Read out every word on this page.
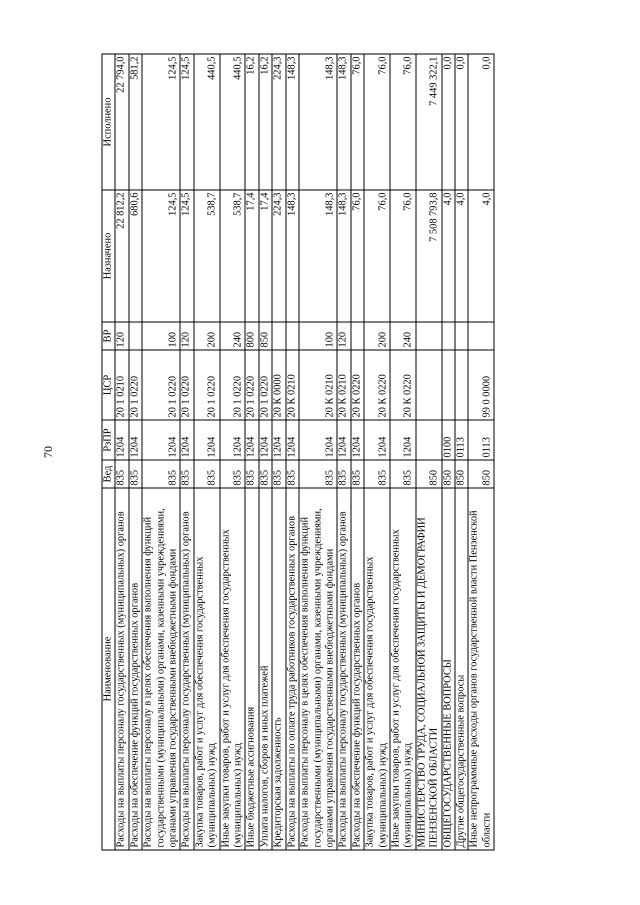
70
Наименование	Вед	РзПР	ЦСР	ВР	Назначено	Исполнено
Расходы на выплаты персоналу государственных (муниципальных) органов	835	1204	20 1 0210	120	22 812,2	22 794,0
Расходы на обеспечение функций государственных органов	835	1204	20 1 0220		680,6	581,2
Расходы на выплаты персоналу в целях обеспечения выполнения функций государственными (муниципальными) органами, казенными учреждениями, органами управления государственными внебюджетными фондами	835	1204	20 1 0220	100	124,5	124,5
Расходы на выплаты персоналу государственных (муниципальных) органов	835	1204	20 1 0220	120	124,5	124,5
Закупка товаров, работ и услуг для обеспечения государственных (муниципальных) нужд	835	1204	20 1 0220	200	538,7	440,5
Иные закупки товаров, работ и услуг для обеспечения государственных (муниципальных) нужд	835	1204	20 1 0220	240	538,7	440,5
Иные бюджетные ассигнования	835	1204	20 1 0220	800	17,4	16,2
Уплата налогов, сборов и иных платежей	835	1204	20 1 0220	850	17,4	16,2
Кредиторская задолженность	835	1204	20 К 0000		224,3	224,3
Расходы на выплаты по оплате труда работников государственных органов	835	1204	20 К 0210		148,3	148,3
Расходы на выплаты персоналу в целях обеспечения выполнения функций государственными (муниципальными) органами, казенными учреждениями, органами управления государственными внебюджетными фондами	835	1204	20 К 0210	100	148,3	148,3
Расходы на выплаты персоналу государственных (муниципальных) органов	835	1204	20 К 0210	120	148,3	148,3
Расходы на обеспечение функций государственных органов	835	1204	20 К 0220		76,0	76,0
Закупка товаров, работ и услуг для обеспечения государственных (муниципальных) нужд	835	1204	20 К 0220	200	76,0	76,0
Иные закупки товаров, работ и услуг для обеспечения государственных (муниципальных) нужд	835	1204	20 К 0220	240	76,0	76,0
МИНИСТЕРСТВО ТРУДА, СОЦИАЛЬНОЙ ЗАЩИТЫ И ДЕМОГРАФИИ ПЕНЗЕНСКОЙ ОБЛАСТИ	850				7 508 793,8	7 449 322,1
ОБЩЕГОСУДАРСТВЕННЫЕ ВОПРОСЫ	850	0100			4,0	0,0
Другие общегосударственные вопросы	850	0113			4,0	0,0
Иные непрограммные расходы органов государственной власти Пензенской области	850	0113	99 0 0000		4,0	0,0
